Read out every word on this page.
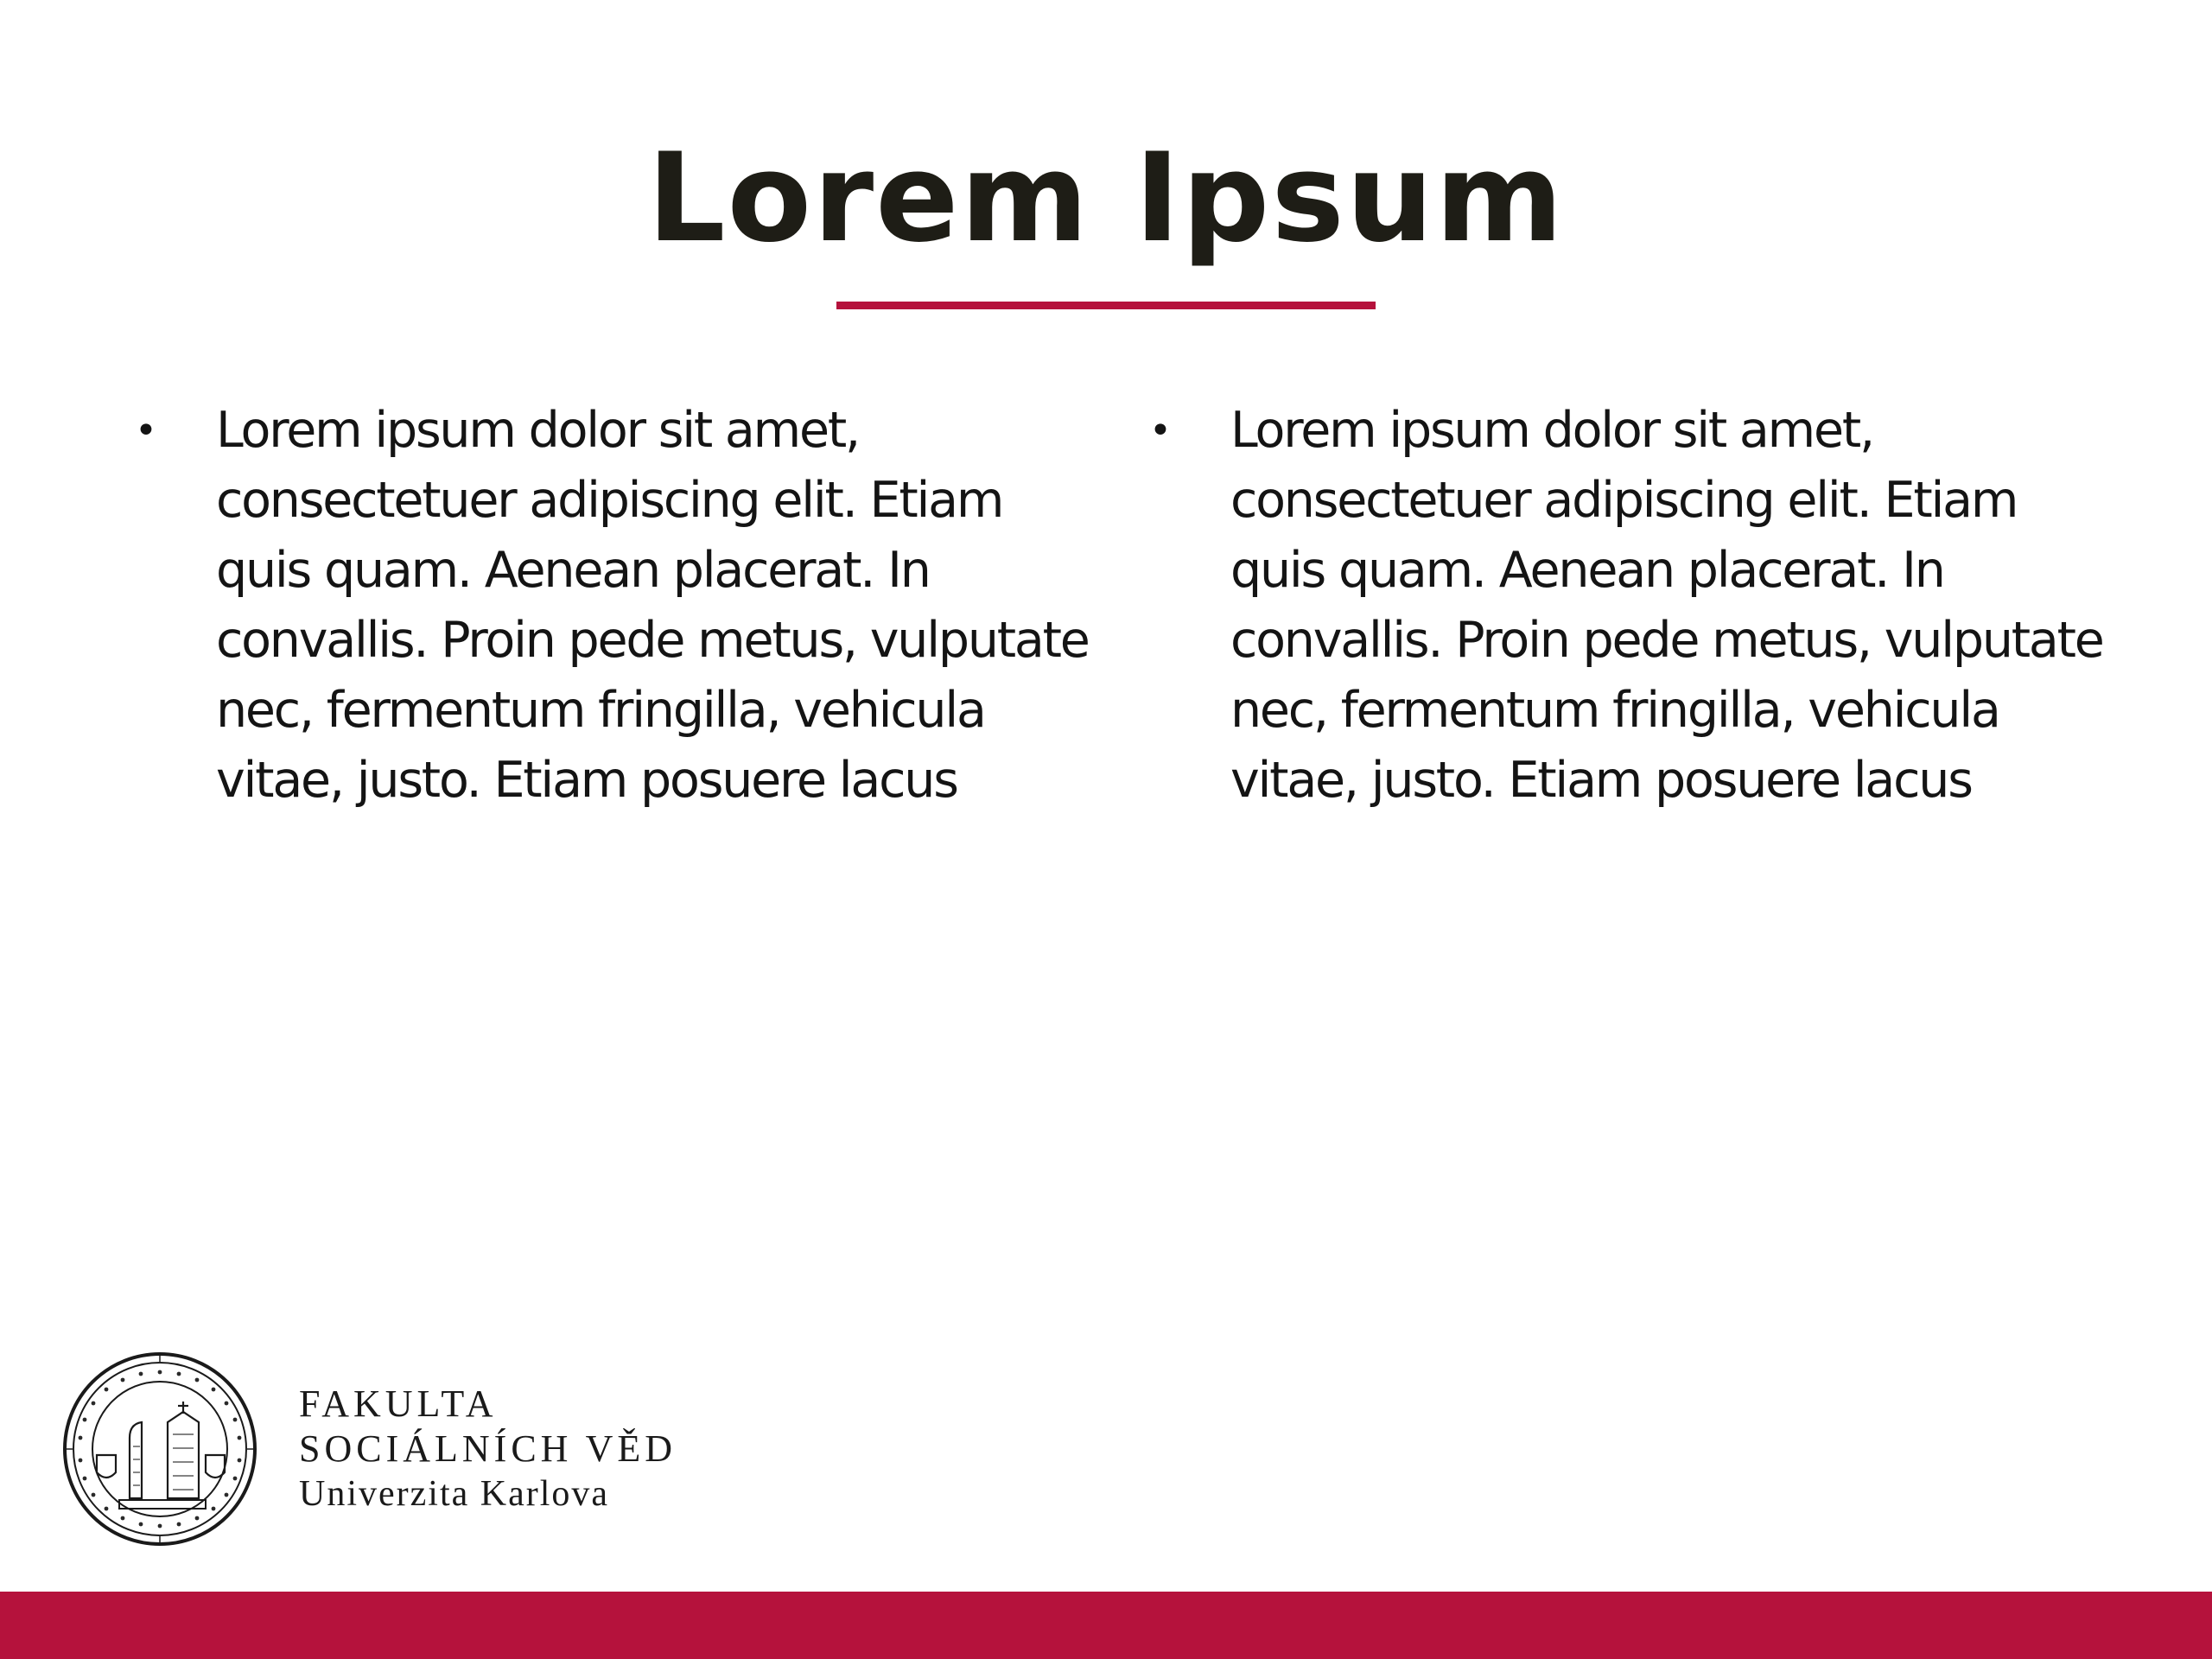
Lorem Ipsum
• Lorem ipsum dolor sit amet, consectetuer adipiscing elit. Etiam quis quam. Aenean placerat. In convallis. Proin pede metus, vulputate nec, fermentum fringilla, vehicula vitae, justo. Etiam posuere lacus
• Lorem ipsum dolor sit amet, consectetuer adipiscing elit. Etiam quis quam. Aenean placerat. In convallis. Proin pede metus, vulputate nec, fermentum fringilla, vehicula vitae, justo. Etiam posuere lacus
FAKULTA
SOCIÁLNÍCH VĚD
Univerzita Karlova
